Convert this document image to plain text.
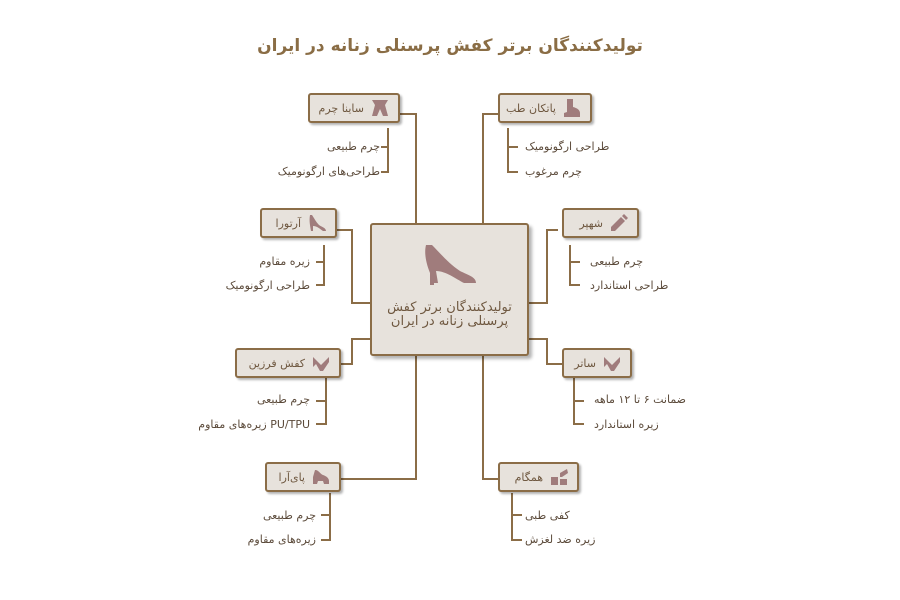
تولیدکنندگان برتر کفش پرسنلی زنانه در ایران
تولیدکنندگان برتر کفش پرسنلی زنانه در ایران
ساینا چرم
چرم طبیعی
طراحی‌های ارگونومیک
آرتورا
زیره مقاوم
طراحی ارگونومیک
کفش فرزین
چرم طبیعی
PU/TPU زیره‌های مقاوم
پای‌آرا
چرم طبیعی
زیره‌های مقاوم
پاتکان طب
طراحی ارگونومیک
چرم مرغوب
شهپر
چرم طبیعی
طراحی استاندارد
ساتر
ضمانت ۶ تا ۱۲ ماهه
زیره استاندارد
همگام
کفی طبی
زیره ضد لغزش
